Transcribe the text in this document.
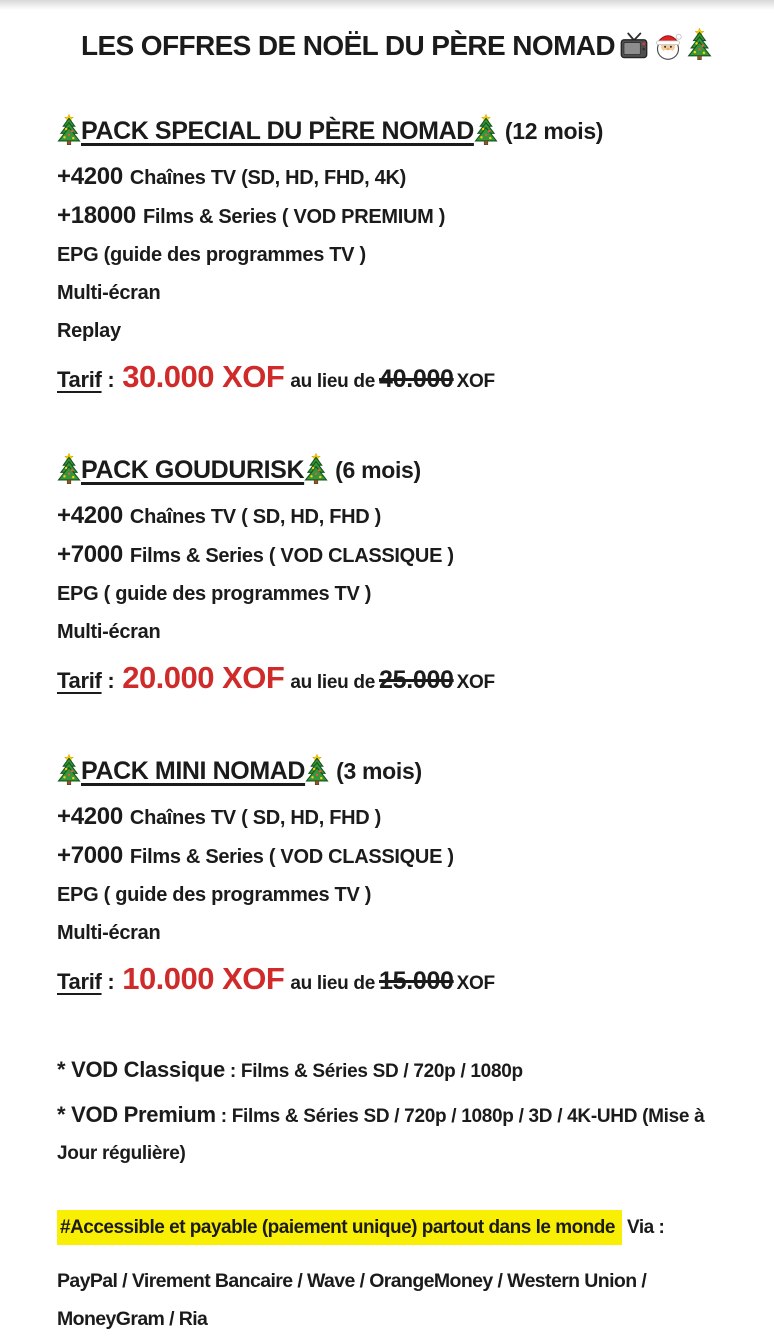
LES OFFRES DE NOËL DU PÈRE NOMAD
PACK SPECIAL DU PÈRE NOMAD (12 mois)
+4200 Chaînes TV (SD, HD, FHD, 4K)
+18000 Films & Series ( VOD PREMIUM )
EPG (guide des programmes TV )
Multi-écran
Replay
Tarif : 30.000 XOF au lieu de 40.000 XOF
PACK GOUDURISK (6 mois)
+4200 Chaînes TV ( SD, HD, FHD )
+7000 Films & Series ( VOD CLASSIQUE )
EPG ( guide des programmes TV )
Multi-écran
Tarif : 20.000 XOF au lieu de 25.000 XOF
PACK MINI NOMAD (3 mois)
+4200 Chaînes TV ( SD, HD, FHD )
+7000 Films & Series ( VOD CLASSIQUE )
EPG ( guide des programmes TV )
Multi-écran
Tarif : 10.000 XOF au lieu de 15.000 XOF

* VOD Classique : Films & Séries SD / 720p / 1080p

* VOD Premium : Films & Séries SD / 720p / 1080p / 3D / 4K-UHD (Mise à Jour régulière)

#Accessible et payable (paiement unique) partout dans le monde Via :

PayPal / Virement Bancaire / Wave / OrangeMoney / Western Union / MoneyGram / Ria
